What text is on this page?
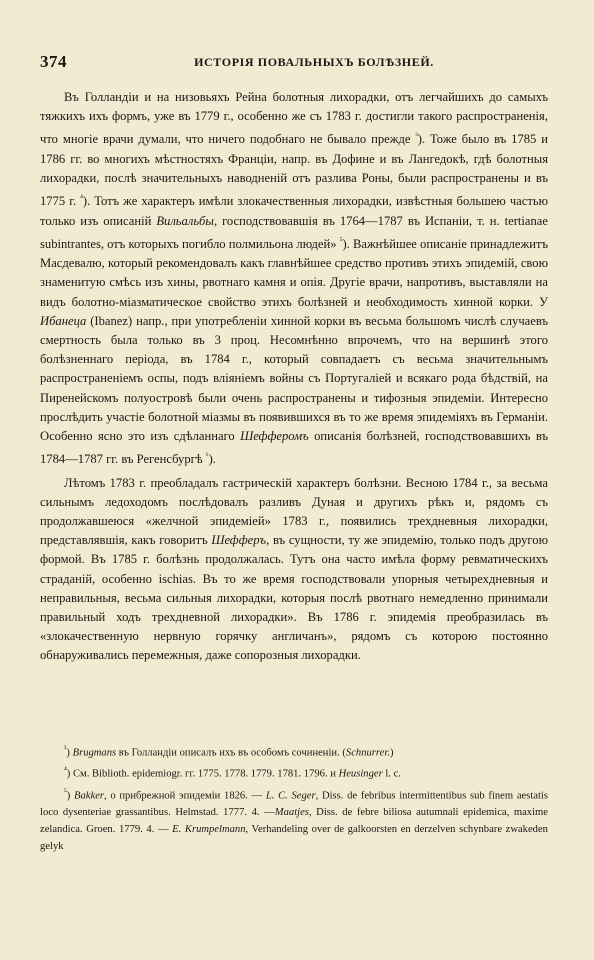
374	ИСТОРІЯ ПОВАЛЬНЫХЪ БОЛѢЗНЕЙ.

Въ Голландіи и на низовьяхъ Рейна болотныя лихорадки, отъ легчайшихъ до самыхъ тяжкихъ ихъ формъ, уже въ 1779 г., особенно же съ 1783 г. достигли такого распространенія, что многіе врачи думали, что ничего подобнаго не бывало прежде $^{^3}$). Тоже было въ 1785 и 1786 гг. во многихъ мѣстностяхъ Франціи, напр. въ Дофине и въ Лангедокѣ, гдѣ болотныя лихорадки, послѣ значительныхъ наводненій отъ разлива Роны, были распространены и въ 1775 г. $^{^4}$). Тотъ же характеръ имѣли злокачественныя лихорадки, извѣстныя большею частью только изъ описаній Вильальбы, господствовавшія въ 1764—1787 въ Испаніи, т. н. tertianae subintrantes, отъ которыхъ погибло полмильона людей» $^{^5}$). Важнѣйшее описаніе принадлежитъ Масдевалю, который рекомендовалъ какъ главнѣйшее средство противъ этихъ эпидемій, свою знаменитую смѣсь изъ хины, рвотнаго камня и опія. Другіе врачи, напротивъ, выставляли на видъ болотно-міазматическое свойство этихъ болѣзней и необходимость хинной корки. У Ибанеца (Ibanez) напр., при употребленіи хинной корки въ весьма большомъ числѣ случаевъ смертность была только въ 3 проц. Несомнѣнно впрочемъ, что на вершинѣ этого болѣзненнаго періода, въ 1784 г., который совпадаетъ съ весьма значительнымъ распространеніемъ оспы, подъ вліяніемъ войны съ Португаліей и всякаго рода бѣдствій, на Пиренейскомъ полуостровѣ были очень распространены и тифозныя эпидеміи. Интересно прослѣдить участіе болотной міазмы въ появившихся въ то же время эпидеміяхъ въ Германіи. Особенно ясно это изъ сдѣланнаго Шефферомъ описанія болѣзней, господствовавшихъ въ 1784—1787 гг. въ Регенсбургѣ $^{^6}$).

Лѣтомъ 1783 г. преобладалъ гастрическій характеръ болѣзни. Весною 1784 г., за весьма сильнымъ ледоходомъ послѣдовалъ разливъ Дуная и другихъ рѣкъ и, рядомъ съ продолжавшеюся «желчной эпидеміей» 1783 г., появились трехдневныя лихорадки, представлявшія, какъ говоритъ Шефферъ, въ сущности, ту же эпидемію, только подъ другою формой. Въ 1785 г. болѣзнь продолжалась. Тутъ она часто имѣла форму ревматическихъ страданій, особенно ischias. Въ то же время господствовали упорныя четырехдневныя и неправильныя, весьма сильныя лихорадки, которыя послѣ рвотнаго немедленно принимали правильный ходъ трехдневной лихорадки». Въ 1786 г. эпидемія преобразилась въ «злокачественную нервную горячку англичанъ», рядомъ съ которою постоянно обнаруживались перемежныя, даже сопорозныя лихорадки.

$^{^3}$) Brugmans въ Голландіи описалъ ихъ въ особомъ сочиненіи. (Schnurrer.)

$^{^4}$) См. Biblioth. epidemiogr. гг. 1775. 1778. 1779. 1781. 1796. и Heusinger l. c.

$^{^5}$) Bakker, о прибрежной эпидеміи 1826. — L. C. Seger, Diss. de febribus intermittentibus sub finem aestatis loco dysenteriae grassantibus. Helmstad. 1777. 4. —Maatjes, Diss. de febre biliosa autumnali epidemica, maxime zelandica. Groen. 1779. 4. — E. Krumpelmann, Verhandeling over de galkoorsten en derzelven schynbare zwakeden gelyk
